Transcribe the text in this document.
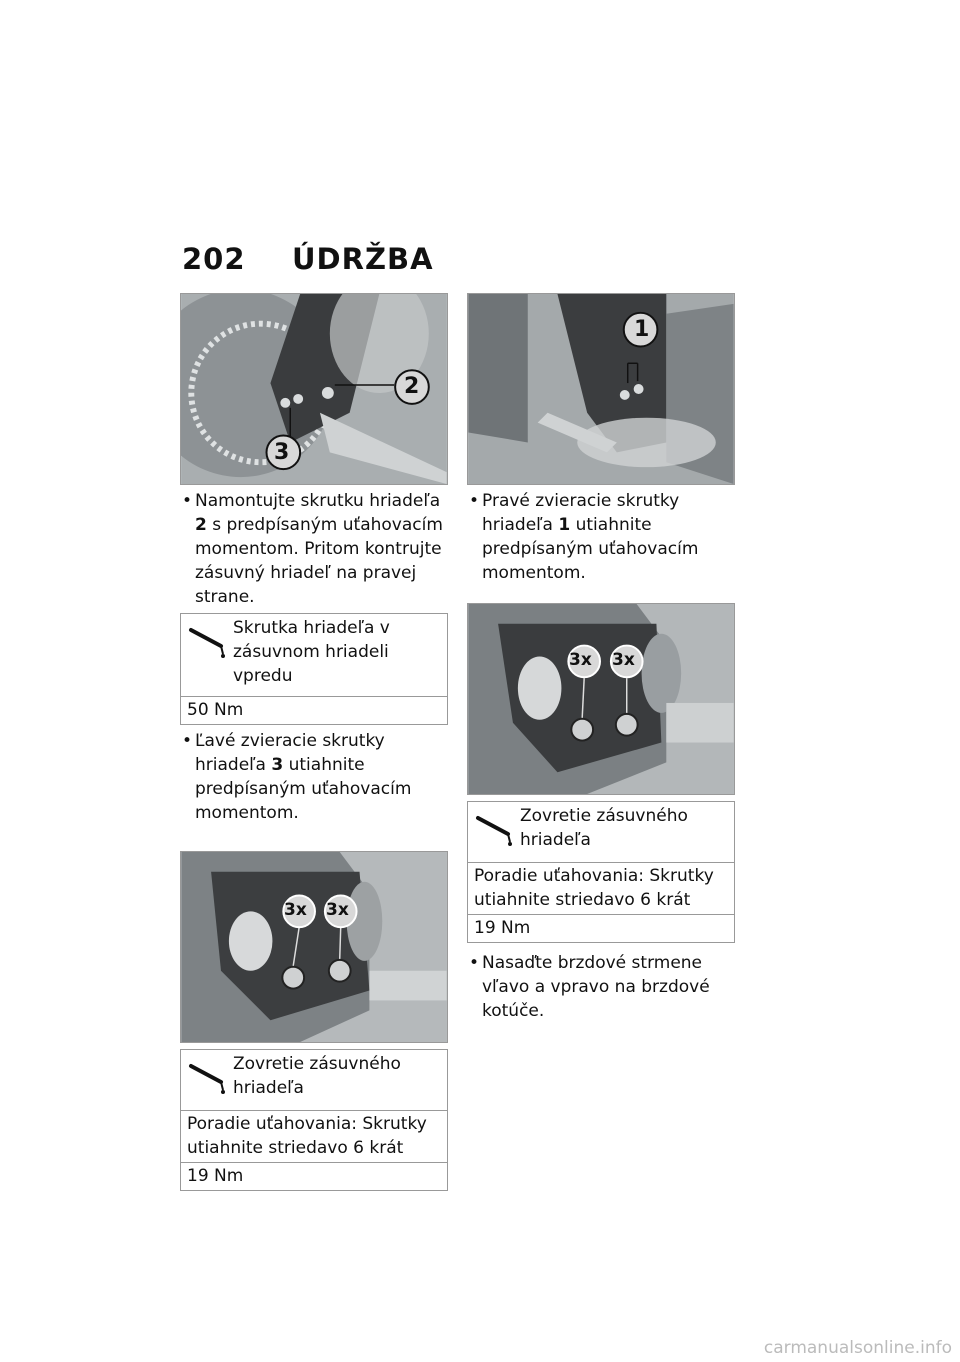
202 ÚDRŽBA
2
3
• Namontujte skrutku hriadeľa 2 s predpísaným uťahovacím momentom. Pritom kontrujte zásuvný hriadeľ na pravej strane.
Skrutka hriadeľa v zásuvnom hriadeli vpredu
50 Nm
• Ľavé zvieracie skrutky hriadeľa 3 utiahnite predpísaným uťahovacím momentom.
3x 3x
Zovretie zásuvného hriadeľa
Poradie uťahovania: Skrutky utiahnite striedavo 6 krát
19 Nm
1
• Pravé zvieracie skrutky hriadeľa 1 utiahnite predpísaným uťahovacím momentom.
3x 3x
Zovretie zásuvného hriadeľa
Poradie uťahovania: Skrutky utiahnite striedavo 6 krát
19 Nm
• Nasaďte brzdové strmene vľavo a vpravo na brzdové kotúče.
carmanualsonline.info
